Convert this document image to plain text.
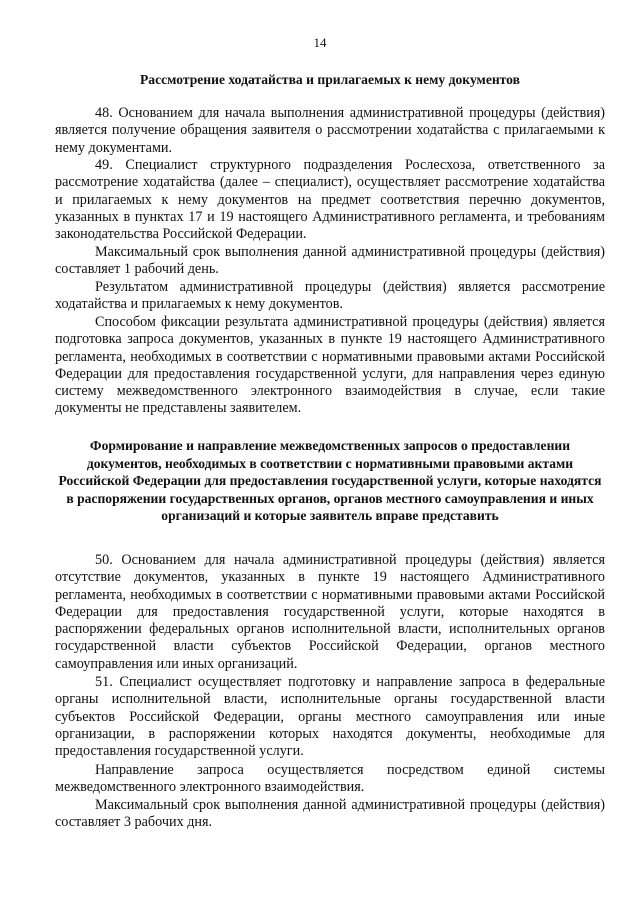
14
Рассмотрение ходатайства и прилагаемых к нему документов

48. Основанием для начала выполнения административной процедуры (действия) является получение обращения заявителя о рассмотрении ходатайства с прилагаемыми к нему документами.

49. Специалист структурного подразделения Рослесхоза, ответственного за рассмотрение ходатайства (далее – специалист), осуществляет рассмотрение ходатайства и прилагаемых к нему документов на предмет соответствия перечню документов, указанных в пунктах 17 и 19 настоящего Административного регламента, и требованиям законодательства Российской Федерации.

Максимальный срок выполнения данной административной процедуры (действия) составляет 1 рабочий день.

Результатом административной процедуры (действия) является рассмотрение ходатайства и прилагаемых к нему документов.

Способом фиксации результата административной процедуры (действия) является подготовка запроса документов, указанных в пункте 19 настоящего Административного регламента, необходимых в соответствии с нормативными правовыми актами Российской Федерации для предоставления государственной услуги, для направления через единую систему межведомственного электронного взаимодействия в случае, если такие документы не представлены заявителем.

Формирование и направление межведомственных запросов о предоставлении документов, необходимых в соответствии с нормативными правовыми актами Российской Федерации для предоставления государственной услуги, которые находятся в распоряжении государственных органов, органов местного самоуправления и иных организаций и которые заявитель вправе представить

50. Основанием для начала административной процедуры (действия) является отсутствие документов, указанных в пункте 19 настоящего Административного регламента, необходимых в соответствии с нормативными правовыми актами Российской Федерации для предоставления государственной услуги, которые находятся в распоряжении федеральных органов исполнительной власти, исполнительных органов государственной власти субъектов Российской Федерации, органов местного самоуправления или иных организаций.

51. Специалист осуществляет подготовку и направление запроса в федеральные органы исполнительной власти, исполнительные органы государственной власти субъектов Российской Федерации, органы местного самоуправления или иные организации, в распоряжении которых находятся документы, необходимые для предоставления государственной услуги.

Направление запроса осуществляется посредством единой системы межведомственного электронного взаимодействия.

Максимальный срок выполнения данной административной процедуры (действия) составляет 3 рабочих дня.
